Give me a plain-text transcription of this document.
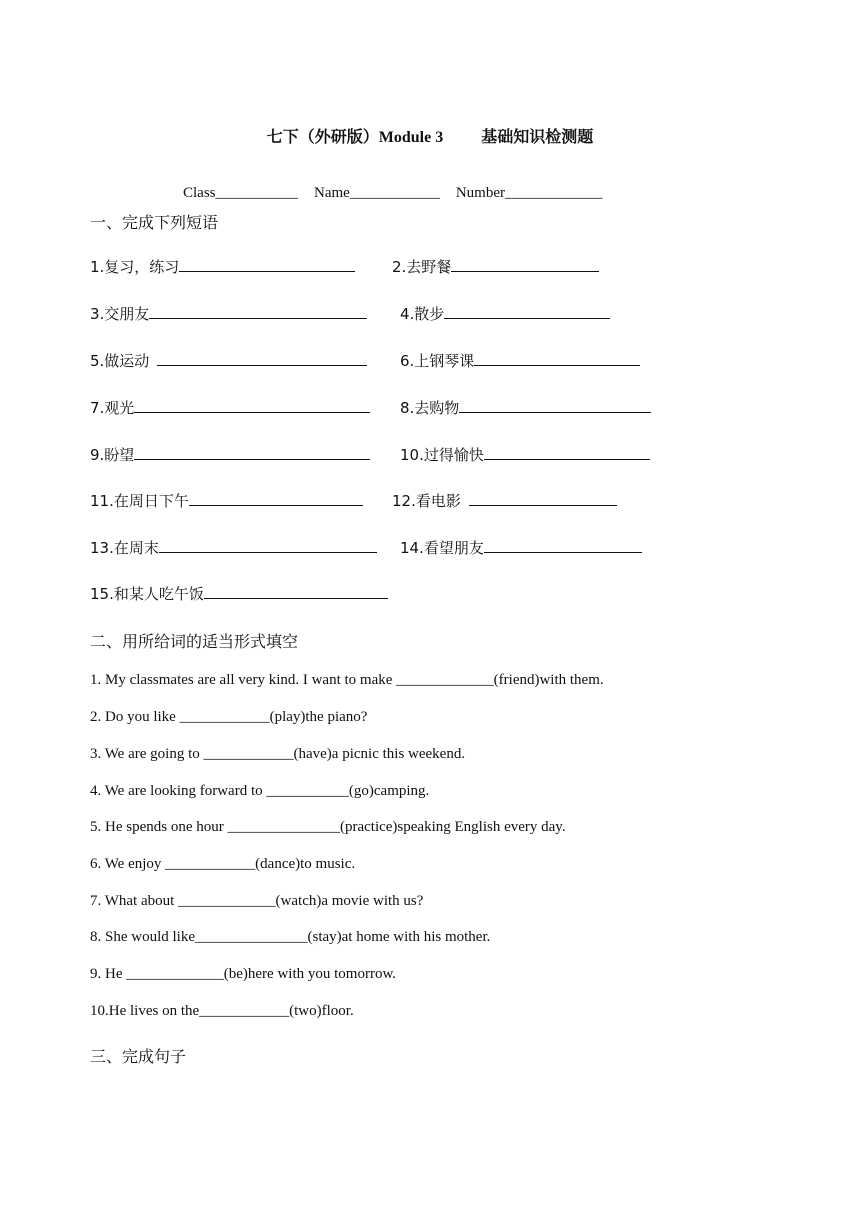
七下（外研版）Module 3 基础知识检测题

Class___________ Name____________ Number_____________

一、完成下列短语
1.复习，练习	2.去野餐
3.交朋友	4.散步
5.做运动	6.上钢琴课
7.观光	8.去购物
9.盼望	10.过得愉快
11.在周日下午	12.看电影
13.在周末	14.看望朋友
15.和某人吃午饭
二、用所给词的适当形式填空
1. My classmates are all very kind. I want to make _____________(friend)with them.
2. Do you like ____________(play)the piano?
3. We are going to ____________(have)a picnic this weekend.
4. We are looking forward to ___________(go)camping.
5. He spends one hour _______________(practice)speaking English every day.
6. We enjoy ____________(dance)to music.
7. What about _____________(watch)a movie with us?
8. She would like_______________(stay)at home with his mother.
9. He _____________(be)here with you tomorrow.
10.He lives on the____________(two)floor.
三、完成句子
